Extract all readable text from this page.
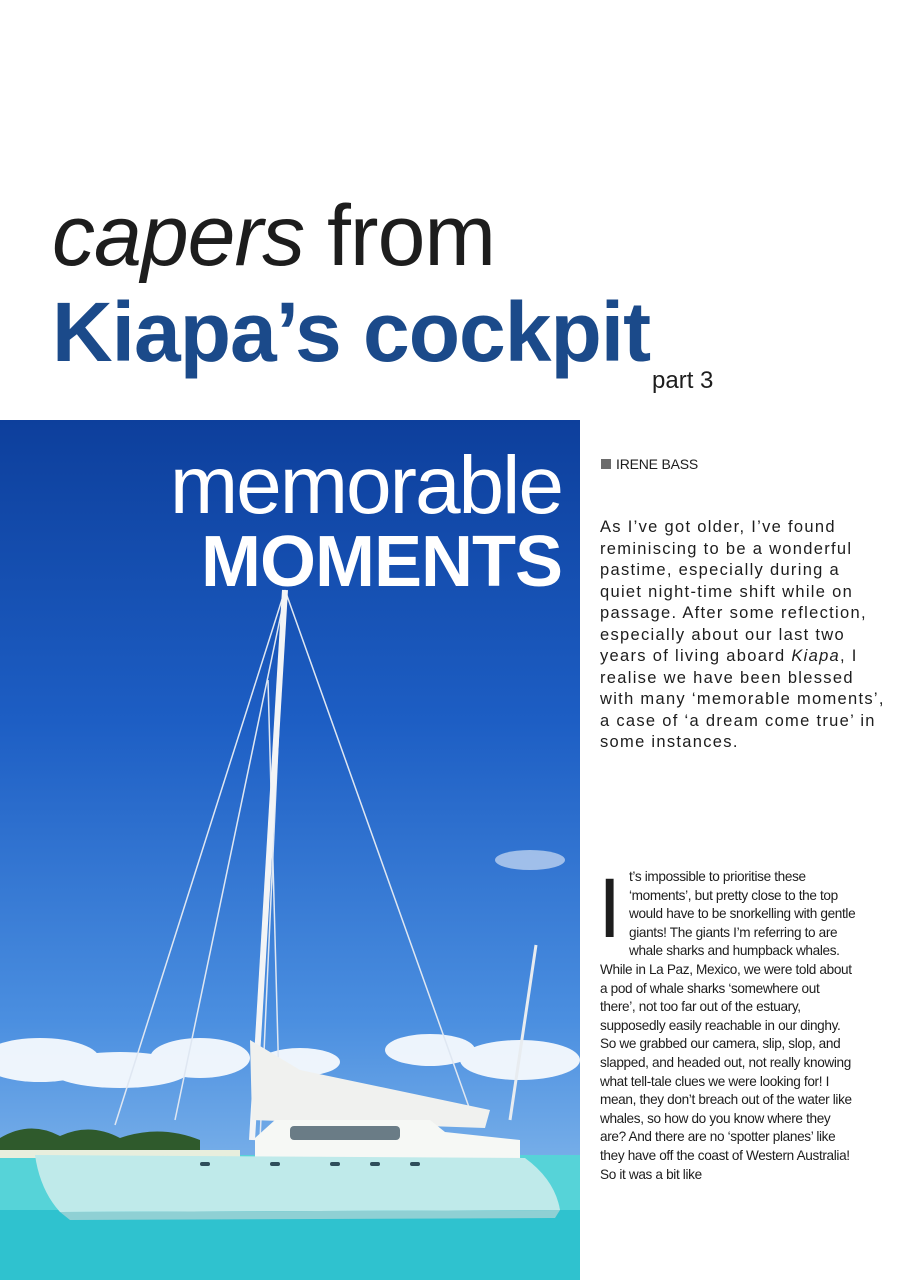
capers from
Kiapa’s cockpit
part 3
memorable
MOMENTS
IRENE BASS

As I’ve got older, I’ve found reminiscing to be a wonderful pastime, especially during a quiet night-time shift while on passage. After some reflection, especially about our last two years of living aboard Kiapa, I realise we have been blessed with many ‘memorable moments’, a case of ‘a dream come true’ in some instances.

It’s impossible to prioritise these ‘moments’, but pretty close to the top would have to be snorkelling with gentle giants! The giants I’m referring to are whale sharks and humpback whales. While in La Paz, Mexico, we were told about a pod of whale sharks ‘somewhere out there’, not too far out of the estuary, supposedly easily reachable in our dinghy. So we grabbed our camera, slip, slop, and slapped, and headed out, not really knowing what tell-tale clues we were looking for! I mean, they don’t breach out of the water like whales, so how do you know where they are? And there are no ‘spotter planes’ like they have off the coast of Western Australia! So it was a bit like
